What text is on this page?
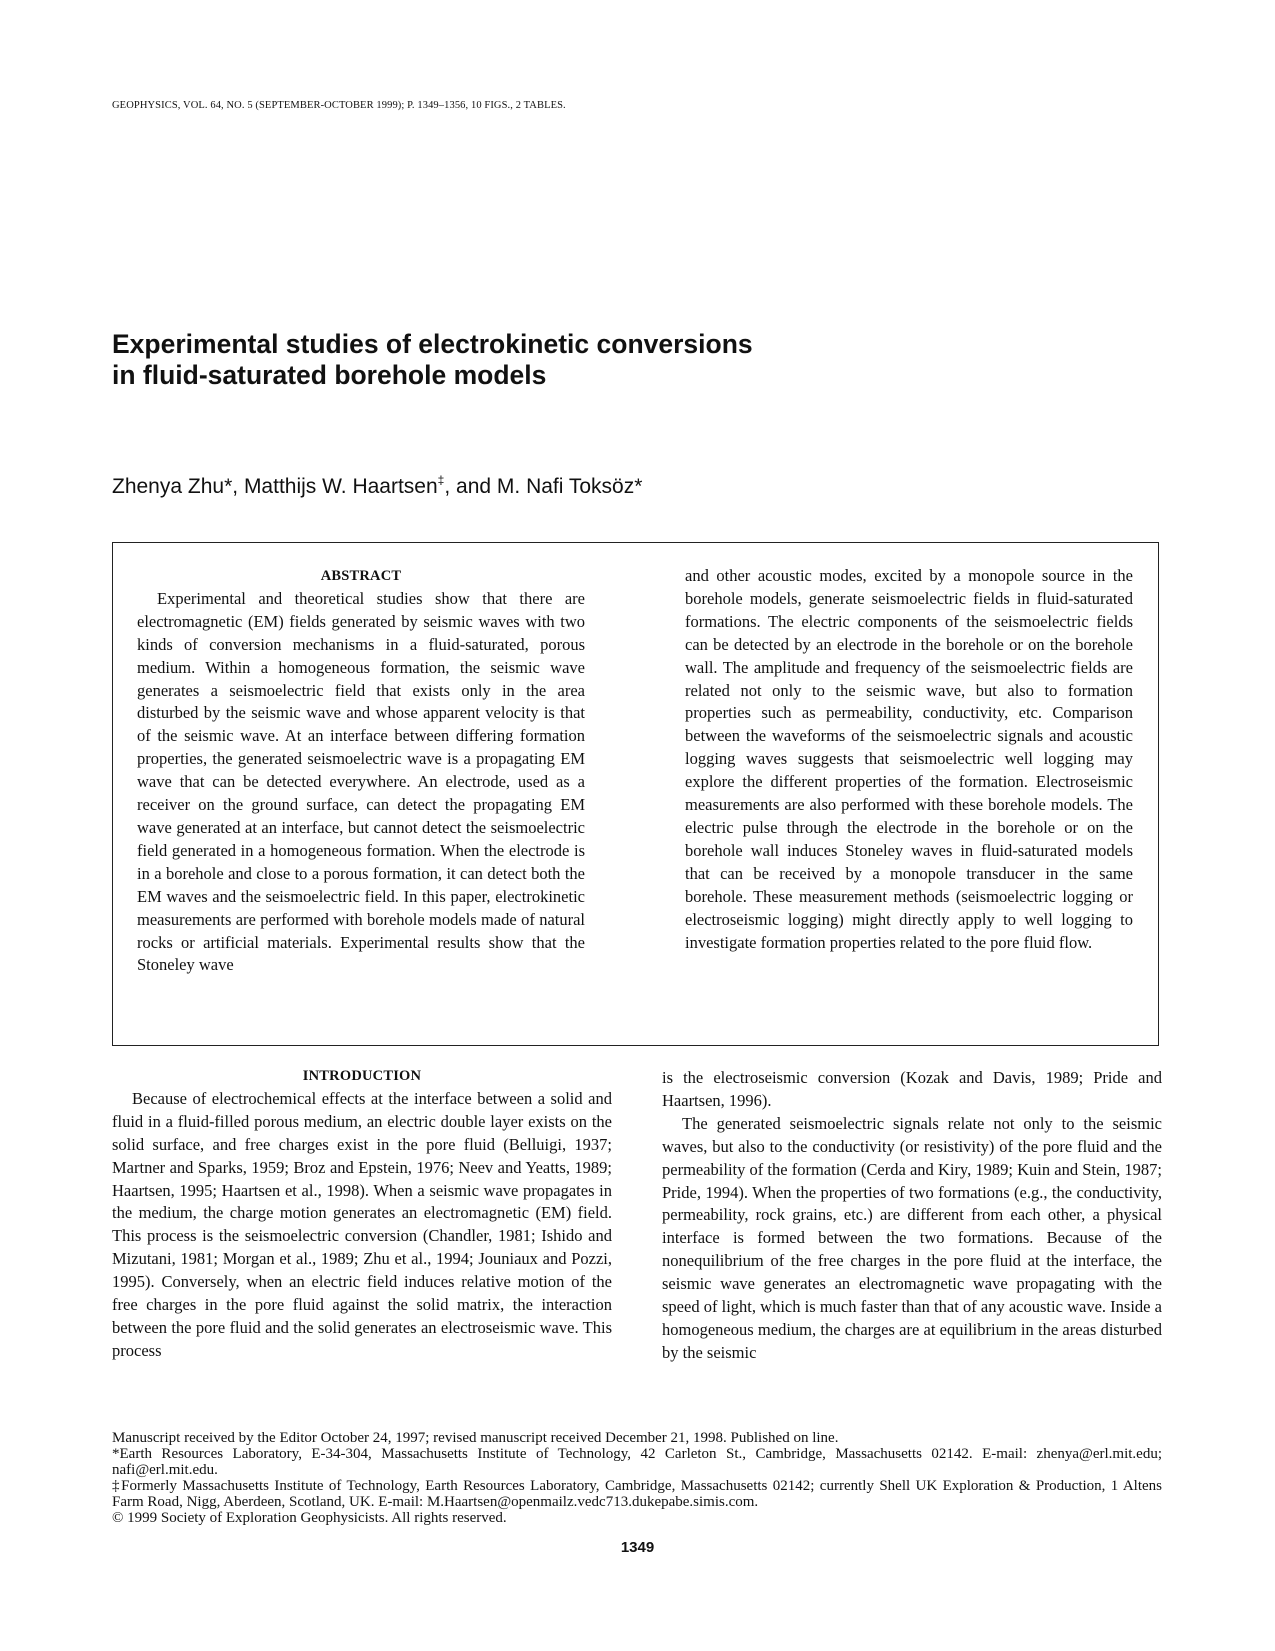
GEOPHYSICS, VOL. 64, NO. 5 (SEPTEMBER-OCTOBER 1999); P. 1349–1356, 10 FIGS., 2 TABLES.
Experimental studies of electrokinetic conversions
in fluid-saturated borehole models
Zhenya Zhu*, Matthijs W. Haartsen‡, and M. Nafi Toksöz*
ABSTRACT

Experimental and theoretical studies show that there are electromagnetic (EM) fields generated by seismic waves with two kinds of conversion mechanisms in a fluid-saturated, porous medium. Within a homogeneous formation, the seismic wave generates a seismoelectric field that exists only in the area disturbed by the seismic wave and whose apparent velocity is that of the seismic wave. At an interface between differing formation properties, the generated seismoelectric wave is a propagating EM wave that can be detected everywhere. An electrode, used as a receiver on the ground surface, can detect the propagating EM wave generated at an interface, but cannot detect the seismoelectric field generated in a homogeneous formation. When the electrode is in a borehole and close to a porous formation, it can detect both the EM waves and the seismoelectric field. In this paper, electrokinetic measurements are performed with borehole models made of natural rocks or artificial materials. Experimental results show that the Stoneley wave

and other acoustic modes, excited by a monopole source in the borehole models, generate seismoelectric fields in fluid-saturated formations. The electric components of the seismoelectric fields can be detected by an electrode in the borehole or on the borehole wall. The amplitude and frequency of the seismoelectric fields are related not only to the seismic wave, but also to formation properties such as permeability, conductivity, etc. Comparison between the waveforms of the seismoelectric signals and acoustic logging waves suggests that seismoelectric well logging may explore the different properties of the formation. Electroseismic measurements are also performed with these borehole models. The electric pulse through the electrode in the borehole or on the borehole wall induces Stoneley waves in fluid-saturated models that can be received by a monopole transducer in the same borehole. These measurement methods (seismoelectric logging or electroseismic logging) might directly apply to well logging to investigate formation properties related to the pore fluid flow.

INTRODUCTION

Because of electrochemical effects at the interface between a solid and fluid in a fluid-filled porous medium, an electric double layer exists on the solid surface, and free charges exist in the pore fluid (Belluigi, 1937; Martner and Sparks, 1959; Broz and Epstein, 1976; Neev and Yeatts, 1989; Haartsen, 1995; Haartsen et al., 1998). When a seismic wave propagates in the medium, the charge motion generates an electromagnetic (EM) field. This process is the seismoelectric conversion (Chandler, 1981; Ishido and Mizutani, 1981; Morgan et al., 1989; Zhu et al., 1994; Jouniaux and Pozzi, 1995). Conversely, when an electric field induces relative motion of the free charges in the pore fluid against the solid matrix, the interaction between the pore fluid and the solid generates an electroseismic wave. This process

is the electroseismic conversion (Kozak and Davis, 1989; Pride and Haartsen, 1996).

The generated seismoelectric signals relate not only to the seismic waves, but also to the conductivity (or resistivity) of the pore fluid and the permeability of the formation (Cerda and Kiry, 1989; Kuin and Stein, 1987; Pride, 1994). When the properties of two formations (e.g., the conductivity, permeability, rock grains, etc.) are different from each other, a physical interface is formed between the two formations. Because of the nonequilibrium of the free charges in the pore fluid at the interface, the seismic wave generates an electromagnetic wave propagating with the speed of light, which is much faster than that of any acoustic wave. Inside a homogeneous medium, the charges are at equilibrium in the areas disturbed by the seismic

Manuscript received by the Editor October 24, 1997; revised manuscript received December 21, 1998. Published on line.
*Earth Resources Laboratory, E-34-304, Massachusetts Institute of Technology, 42 Carleton St., Cambridge, Massachusetts 02142. E-mail: zhenya@erl.mit.edu; nafi@erl.mit.edu.
‡Formerly Massachusetts Institute of Technology, Earth Resources Laboratory, Cambridge, Massachusetts 02142; currently Shell UK Exploration & Production, 1 Altens Farm Road, Nigg, Aberdeen, Scotland, UK. E-mail: M.Haartsen@openmailz.vedc713.dukepabe.simis.com.
© 1999 Society of Exploration Geophysicists. All rights reserved.
1349
